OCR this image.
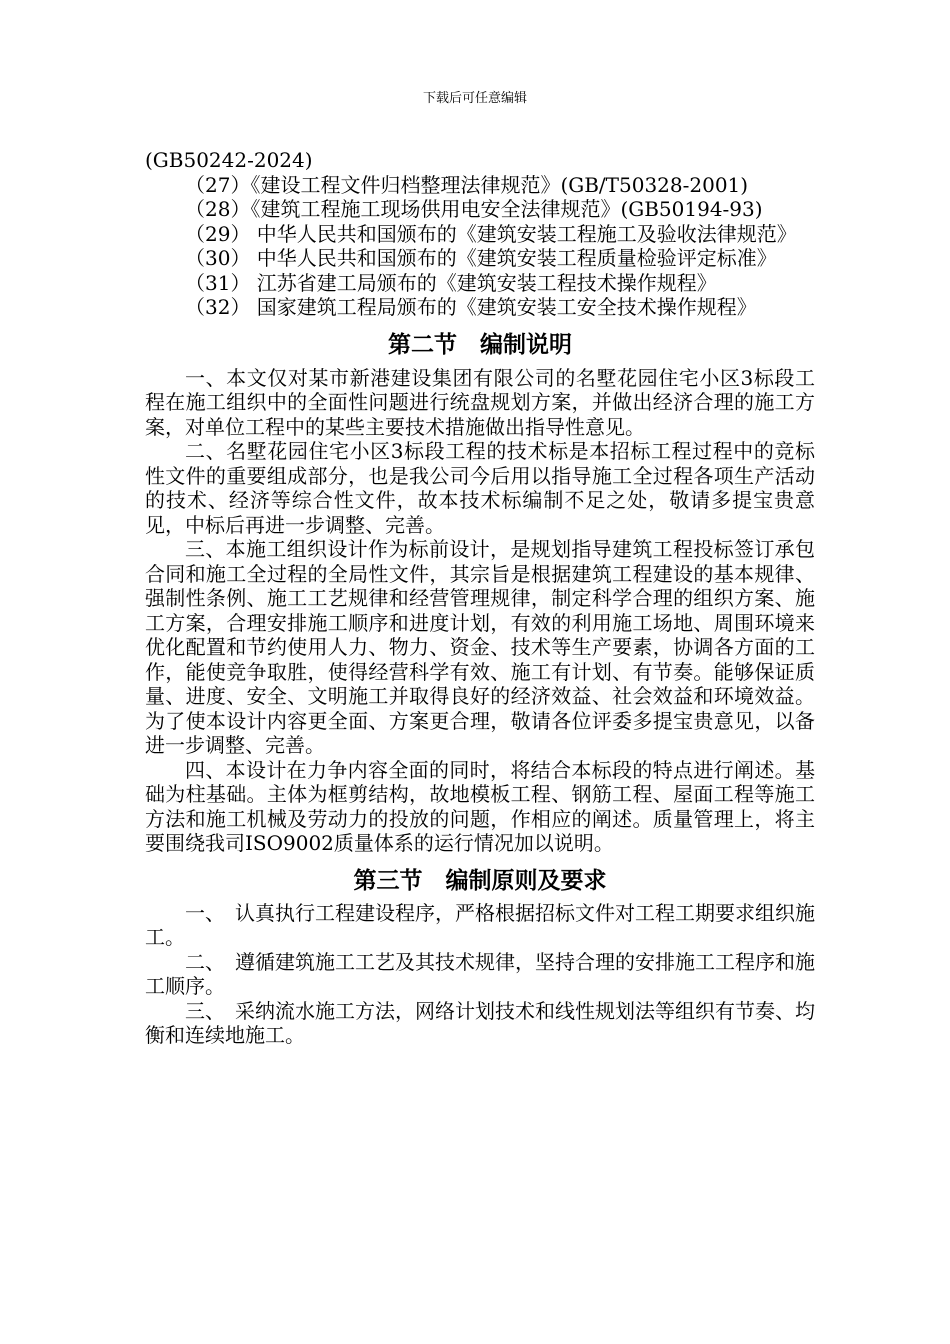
下载后可任意编辑

(GB50242-2024)

（27）《建设工程文件归档整理法律规范》(GB/T50328-2001)

（28）《建筑工程施工现场供用电安全法律规范》(GB50194-93)

（29） 中华人民共和国颁布的《建筑安装工程施工及验收法律规范》

（30） 中华人民共和国颁布的《建筑安装工程质量检验评定标准》

（31） 江苏省建工局颁布的《建筑安装工程技术操作规程》

（32） 国家建筑工程局颁布的《建筑安装工安全技术操作规程》

第二节　编制说明

一、本文仅对某市新港建设集团有限公司的名墅花园住宅小区3标段工程在施工组织中的全面性问题进行统盘规划方案，并做出经济合理的施工方案，对单位工程中的某些主要技术措施做出指导性意见。

二、名墅花园住宅小区3标段工程的技术标是本招标工程过程中的竞标性文件的重要组成部分，也是我公司今后用以指导施工全过程各项生产活动的技术、经济等综合性文件，故本技术标编制不足之处，敬请多提宝贵意见，中标后再进一步调整、完善。

三、本施工组织设计作为标前设计，是规划指导建筑工程投标签订承包合同和施工全过程的全局性文件，其宗旨是根据建筑工程建设的基本规律、强制性条例、施工工艺规律和经营管理规律，制定科学合理的组织方案、施工方案，合理安排施工顺序和进度计划，有效的利用施工场地、周围环境来优化配置和节约使用人力、物力、资金、技术等生产要素，协调各方面的工作，能使竞争取胜，使得经营科学有效、施工有计划、有节奏。能够保证质量、进度、安全、文明施工并取得良好的经济效益、社会效益和环境效益。为了使本设计内容更全面、方案更合理，敬请各位评委多提宝贵意见，以备进一步调整、完善。

四、本设计在力争内容全面的同时，将结合本标段的特点进行阐述。基础为柱基础。主体为框剪结构，故地模板工程、钢筋工程、屋面工程等施工方法和施工机械及劳动力的投放的问题，作相应的阐述。质量管理上，将主要围绕我司ISO9002质量体系的运行情况加以说明。

第三节　编制原则及要求

一、　认真执行工程建设程序，严格根据招标文件对工程工期要求组织施工。

二、　遵循建筑施工工艺及其技术规律，坚持合理的安排施工工程序和施工顺序。

三、　采纳流水施工方法，网络计划技术和线性规划法等组织有节奏、均衡和连续地施工。
